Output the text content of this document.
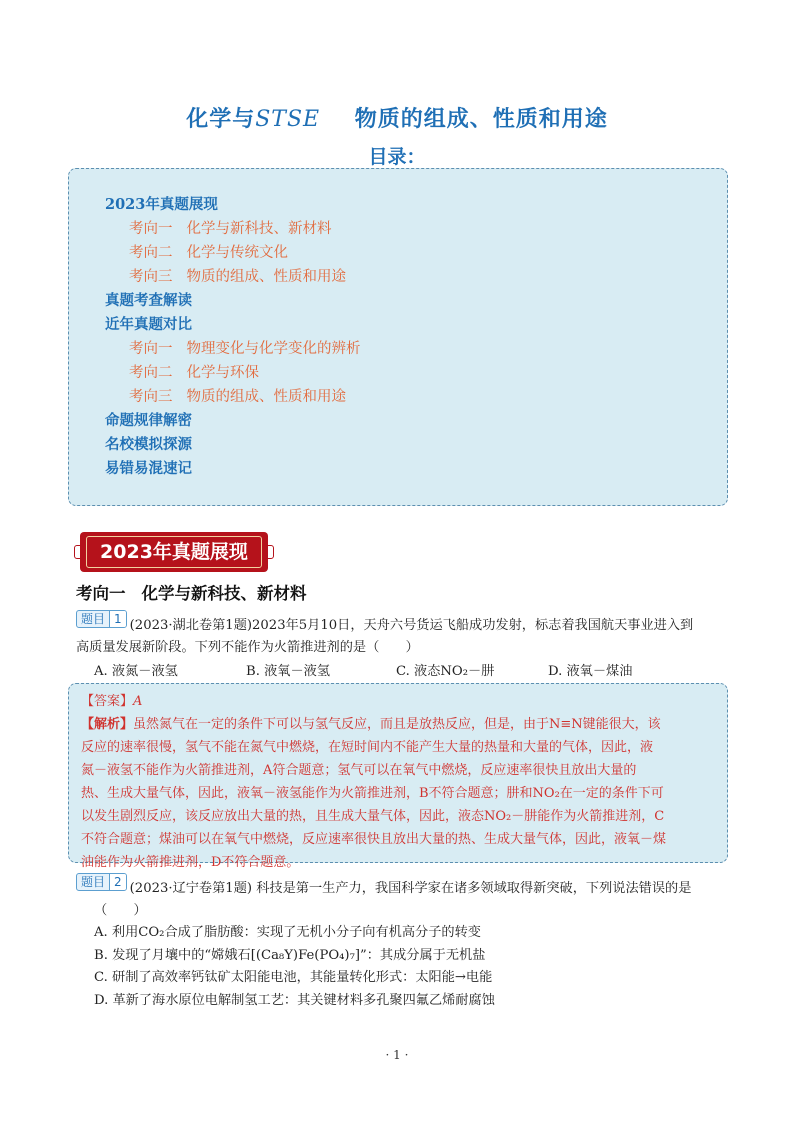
化学与STSE 物质的组成、性质和用途
目录：
2023年真题展现
考向一 化学与新科技、新材料
考向二 化学与传统文化
考向三 物质的组成、性质和用途
真题考查解读
近年真题对比
考向一 物理变化与化学变化的辨析
考向二 化学与环保
考向三 物质的组成、性质和用途
命题规律解密
名校模拟探源
易错易混速记
2023年真题展现
考向一 化学与新科技、新材料
题目 1 (2023·湖北卷第1题)2023年5月10日，天舟六号货运飞船成功发射，标志着我国航天事业进入到
高质量发展新阶段。下列不能作为火箭推进剂的是（　　）
A. 液氮－液氢	B. 液氧－液氢	C. 液态NO₂－肼	D. 液氧－煤油
【答案】A
【解析】虽然氮气在一定的条件下可以与氢气反应，而且是放热反应，但是，由于N≡N键能很大，该
反应的速率很慢，氢气不能在氮气中燃烧，在短时间内不能产生大量的热量和大量的气体，因此，液
氮－液氢不能作为火箭推进剂，A符合题意；氢气可以在氧气中燃烧，反应速率很快且放出大量的
热、生成大量气体，因此，液氧－液氢能作为火箭推进剂，B不符合题意；肼和NO₂在一定的条件下可
以发生剧烈反应，该反应放出大量的热，且生成大量气体，因此，液态NO₂－肼能作为火箭推进剂，C
不符合题意；煤油可以在氧气中燃烧，反应速率很快且放出大量的热、生成大量气体，因此，液氧－煤
油能作为火箭推进剂，D不符合题意。
题目 2 (2023·辽宁卷第1题) 科技是第一生产力，我国科学家在诸多领域取得新突破，下列说法错误的是
（　　）
A. 利用CO₂合成了脂肪酸：实现了无机小分子向有机高分子的转变
B. 发现了月壤中的“嫦娥石[(Ca₈Y)Fe(PO₄)₇]”：其成分属于无机盐
C. 研制了高效率钙钛矿太阳能电池，其能量转化形式：太阳能→电能
D. 革新了海水原位电解制氢工艺：其关键材料多孔聚四氟乙烯耐腐蚀
· 1 ·
